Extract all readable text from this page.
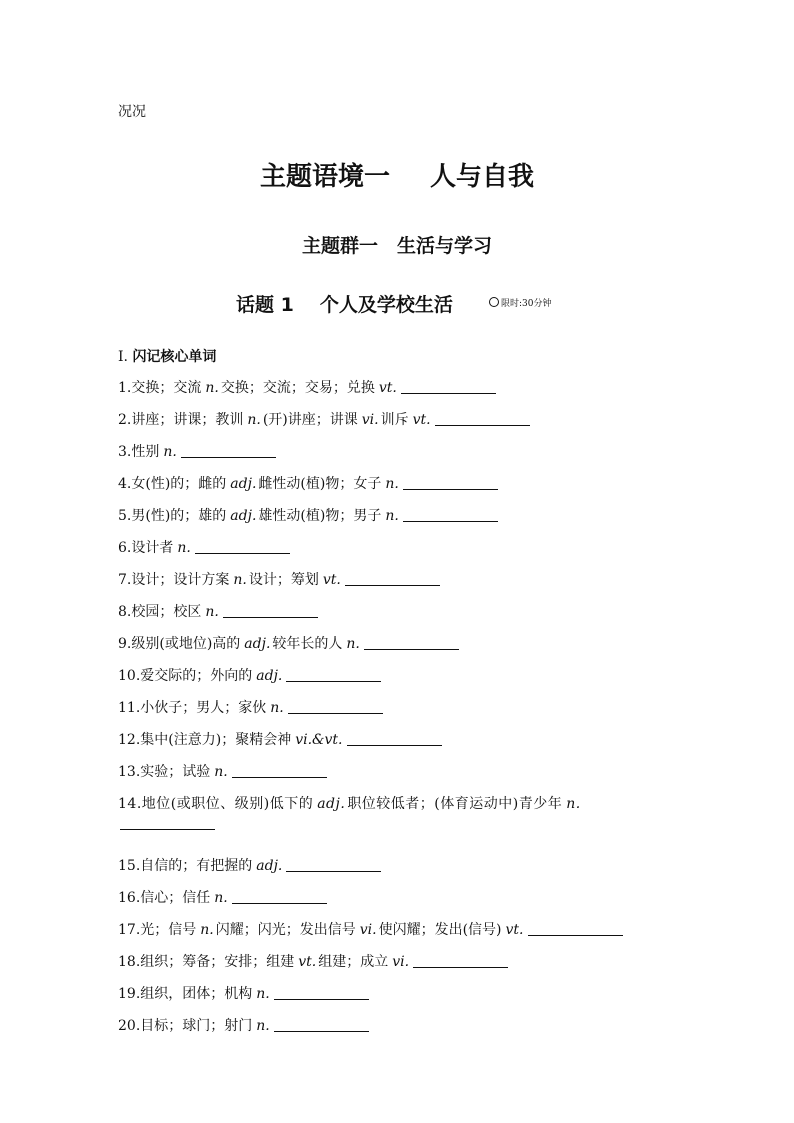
况况
主题语境一 人与自我
主题群一　生活与学习
话题 1 个人及学校生活	限时:30分钟
Ⅰ. 闪记核心单词
1.交换；交流 n. 交换；交流；交易；兑换 vt.
2.讲座；讲课；教训 n. (开)讲座；讲课 vi. 训斥 vt.
3.性别 n.
4.女(性)的；雌的 adj. 雌性动(植)物；女子 n.
5.男(性)的；雄的 adj. 雄性动(植)物；男子 n.
6.设计者 n.
7.设计；设计方案 n. 设计；筹划 vt.
8.校园；校区 n.
9.级别(或地位)高的 adj. 较年长的人 n.
10.爱交际的；外向的 adj.
11.小伙子；男人；家伙 n.
12.集中(注意力)；聚精会神 vi.&vt.
13.实验；试验 n.
14.地位(或职位、级别)低下的 adj. 职位较低者；(体育运动中)青少年 n.
15.自信的；有把握的 adj.
16.信心；信任 n.
17.光；信号 n. 闪耀；闪光；发出信号 vi. 使闪耀；发出(信号) vt.
18.组织；筹备；安排；组建 vt. 组建；成立 vi.
19.组织，团体；机构 n.
20.目标；球门；射门 n.
